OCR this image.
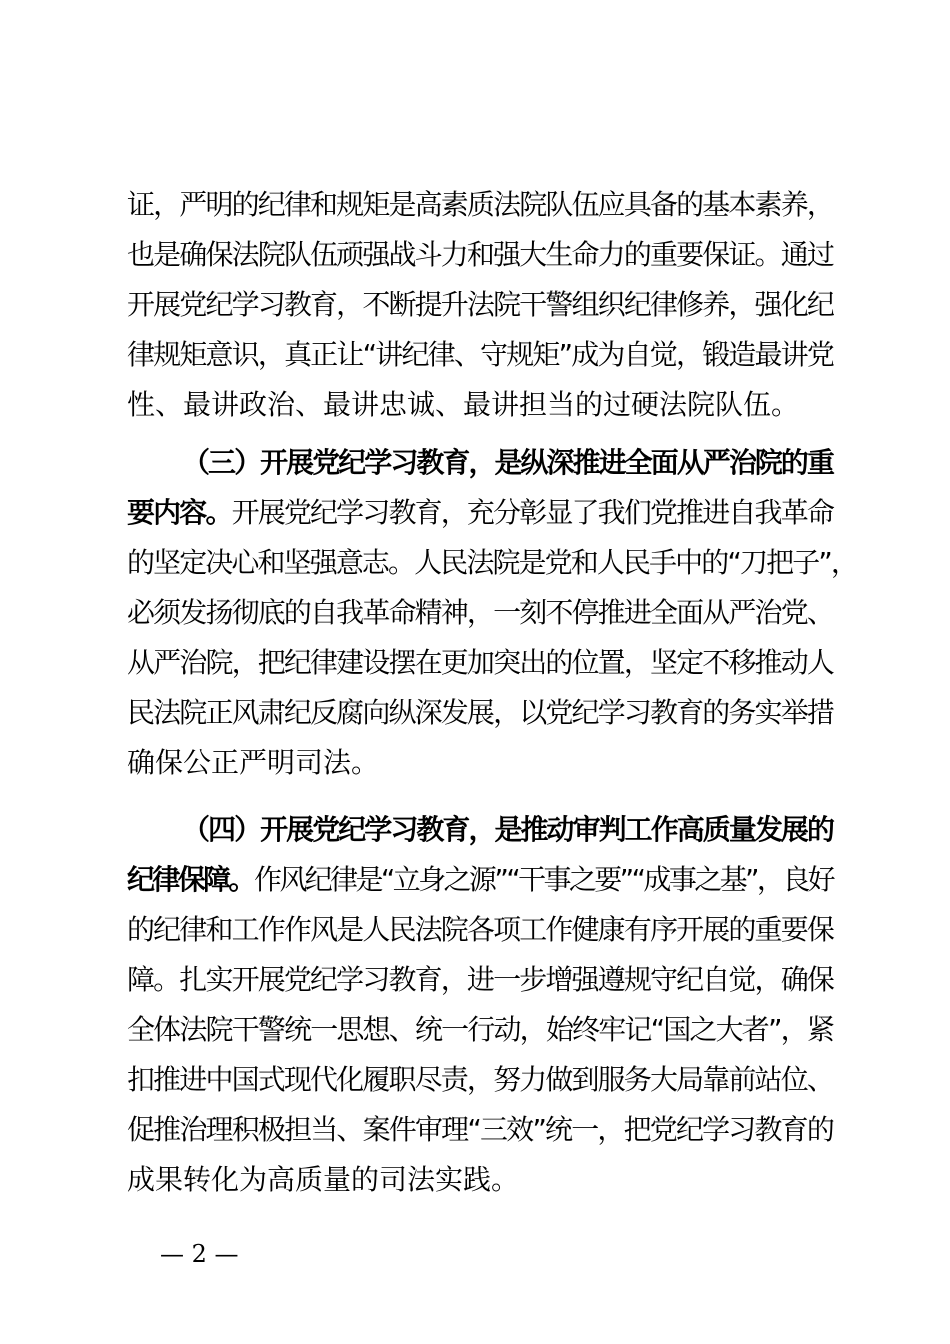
证，严明的纪律和规矩是高素质法院队伍应具备的基本素养，
也是确保法院队伍顽强战斗力和强大生命力的重要保证。通过
开展党纪学习教育，不断提升法院干警组织纪律修养，强化纪
律规矩意识，真正让“讲纪律、守规矩”成为自觉，锻造最讲党
性、最讲政治、最讲忠诚、最讲担当的过硬法院队伍。
（三）开展党纪学习教育，是纵深推进全面从严治院的重
要内容。开展党纪学习教育，充分彰显了我们党推进自我革命
的坚定决心和坚强意志。人民法院是党和人民手中的“刀把子”，
必须发扬彻底的自我革命精神，一刻不停推进全面从严治党、
从严治院，把纪律建设摆在更加突出的位置，坚定不移推动人
民法院正风肃纪反腐向纵深发展，以党纪学习教育的务实举措
确保公正严明司法。
（四）开展党纪学习教育，是推动审判工作高质量发展的
纪律保障。作风纪律是“立身之源”“干事之要”“成事之基”，良好
的纪律和工作作风是人民法院各项工作健康有序开展的重要保
障。扎实开展党纪学习教育，进一步增强遵规守纪自觉，确保
全体法院干警统一思想、统一行动，始终牢记“国之大者”，紧
扣推进中国式现代化履职尽责，努力做到服务大局靠前站位、
促推治理积极担当、案件审理“三效”统一，把党纪学习教育的
成果转化为高质量的司法实践。
— 2 —
